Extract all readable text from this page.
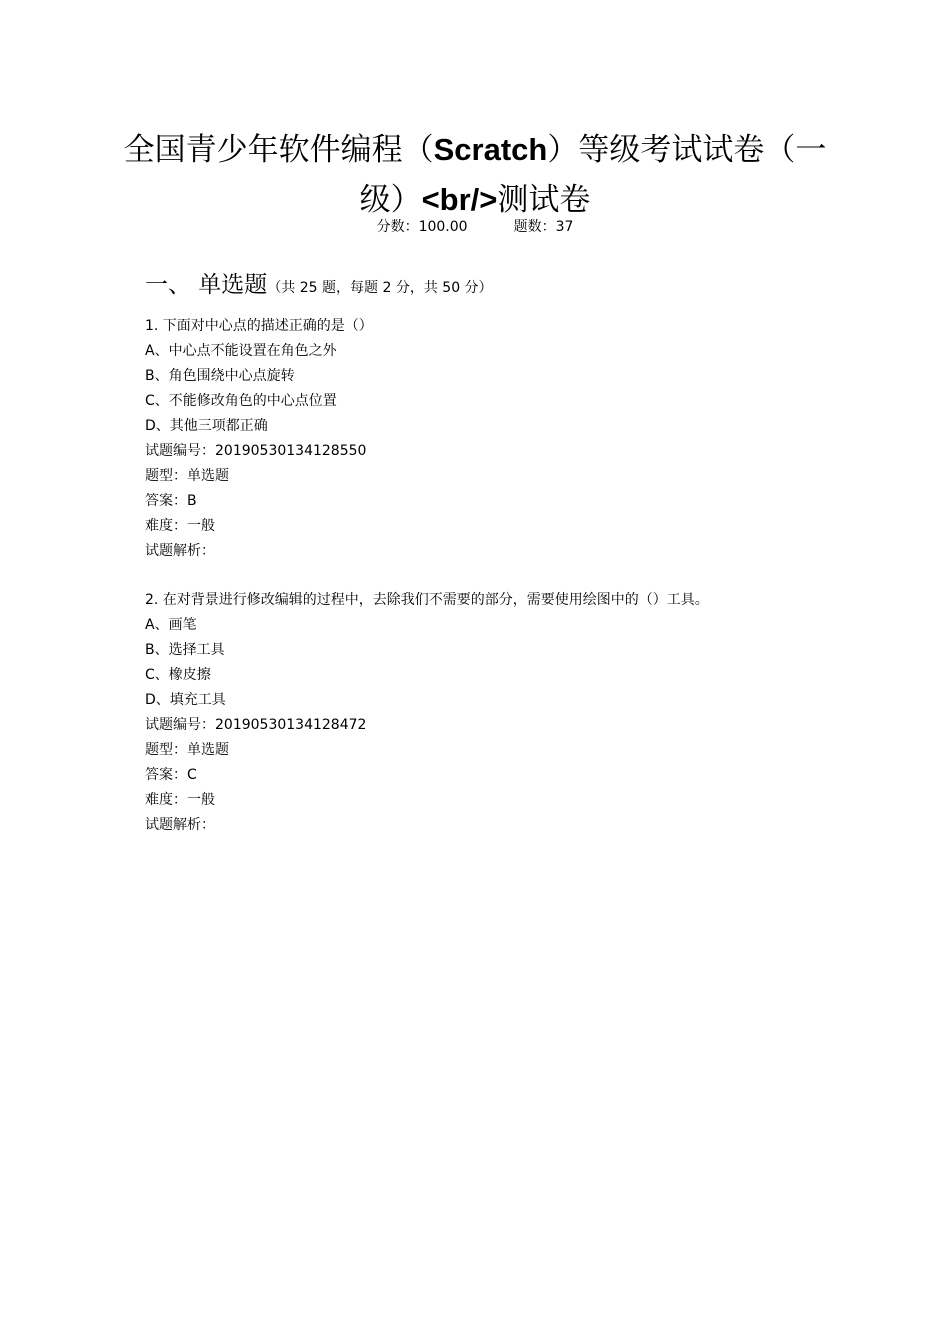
全国青少年软件编程（Scratch）等级考试试卷（一级）<br/>测试卷
分数：100.00	题数：37
一、 单选题（共 25 题，每题 2 分，共 50 分）
1. 下面对中心点的描述正确的是（）
A、中心点不能设置在角色之外
B、角色围绕中心点旋转
C、不能修改角色的中心点位置
D、其他三项都正确
试题编号：20190530134128550
题型：单选题
答案：B
难度：一般
试题解析：
2. 在对背景进行修改编辑的过程中，去除我们不需要的部分，需要使用绘图中的（）工具。
A、画笔
B、选择工具
C、橡皮擦
D、填充工具
试题编号：20190530134128472
题型：单选题
答案：C
难度：一般
试题解析：
